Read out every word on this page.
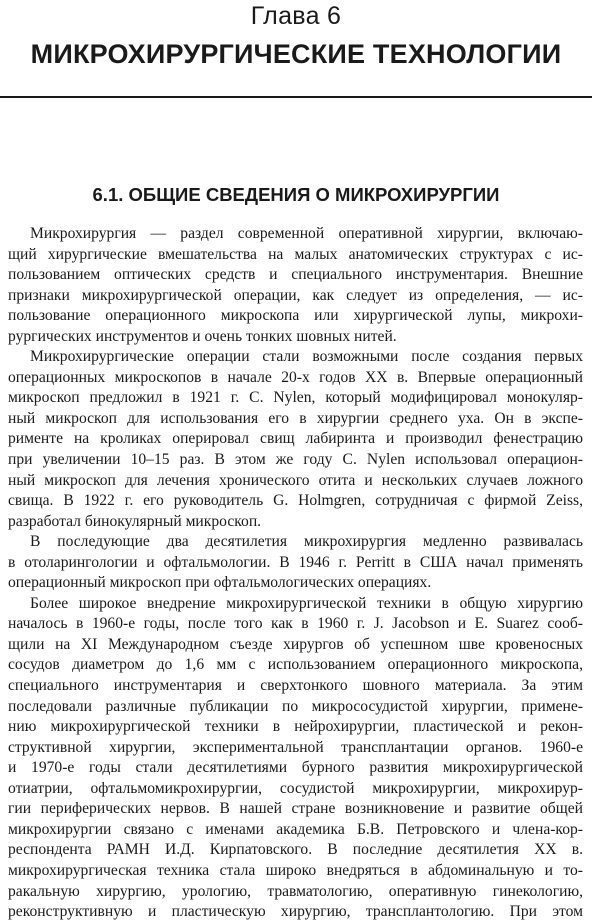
Глава 6
МИКРОХИРУРГИЧЕСКИЕ ТЕХНОЛОГИИ
6.1. ОБЩИЕ СВЕДЕНИЯ О МИКРОХИРУРГИИ
Микрохирургия — раздел современной оперативной хирургии, включаю-
щий хирургические вмешательства на малых анатомических структурах с ис-
пользованием оптических средств и специального инструментария. Внешние
признаки микрохирургической операции, как следует из определения, — ис-
пользование операционного микроскопа или хирургической лупы, микрохи-
рургических инструментов и очень тонких шовных нитей.
Микрохирургические операции стали возможными после создания первых
операционных микроскопов в начале 20-х годов XX в. Впервые операционный
микроскоп предложил в 1921 г. C. Nylen, который модифицировал монокуляр-
ный микроскоп для использования его в хирургии среднего уха. Он в экспе-
рименте на кроликах оперировал свищ лабиринта и производил фенестрацию
при увеличении 10–15 раз. В этом же году C. Nylen использовал операцион-
ный микроскоп для лечения хронического отита и нескольких случаев ложного
свища. В 1922 г. его руководитель G. Holmgren, сотрудничая с фирмой Zeiss,
разработал бинокулярный микроскоп.
В последующие два десятилетия микрохирургия медленно развивалась
в отоларингологии и офтальмологии. В 1946 г. Perritt в США начал применять
операционный микроскоп при офтальмологических операциях.
Более широкое внедрение микрохирургической техники в общую хирургию
началось в 1960-е годы, после того как в 1960 г. J. Jacobson и E. Suarez сооб-
щили на XI Международном съезде хирургов об успешном шве кровеносных
сосудов диаметром до 1,6 мм с использованием операционного микроскопа,
специального инструментария и сверхтонкого шовного материала. За этим
последовали различные публикации по микрососудистой хирургии, примене-
нию микрохирургической техники в нейрохирургии, пластической и рекон-
структивной хирургии, экспериментальной трансплантации органов. 1960-е
и 1970-е годы стали десятилетиями бурного развития микрохирургической
отиатрии, офтальмомикрохирургии, сосудистой микрохирургии, микрохирур-
гии периферических нервов. В нашей стране возникновение и развитие общей
микрохирургии связано с именами академика Б.В. Петровского и члена-кор-
респондента РАМН И.Д. Кирпатовского. В последние десятилетия XX в.
микрохирургическая техника стала широко внедряться в абдоминальную и то-
ракальную хирургию, урологию, травматологию, оперативную гинекологию,
реконструктивную и пластическую хирургию, трансплантологию. При этом
